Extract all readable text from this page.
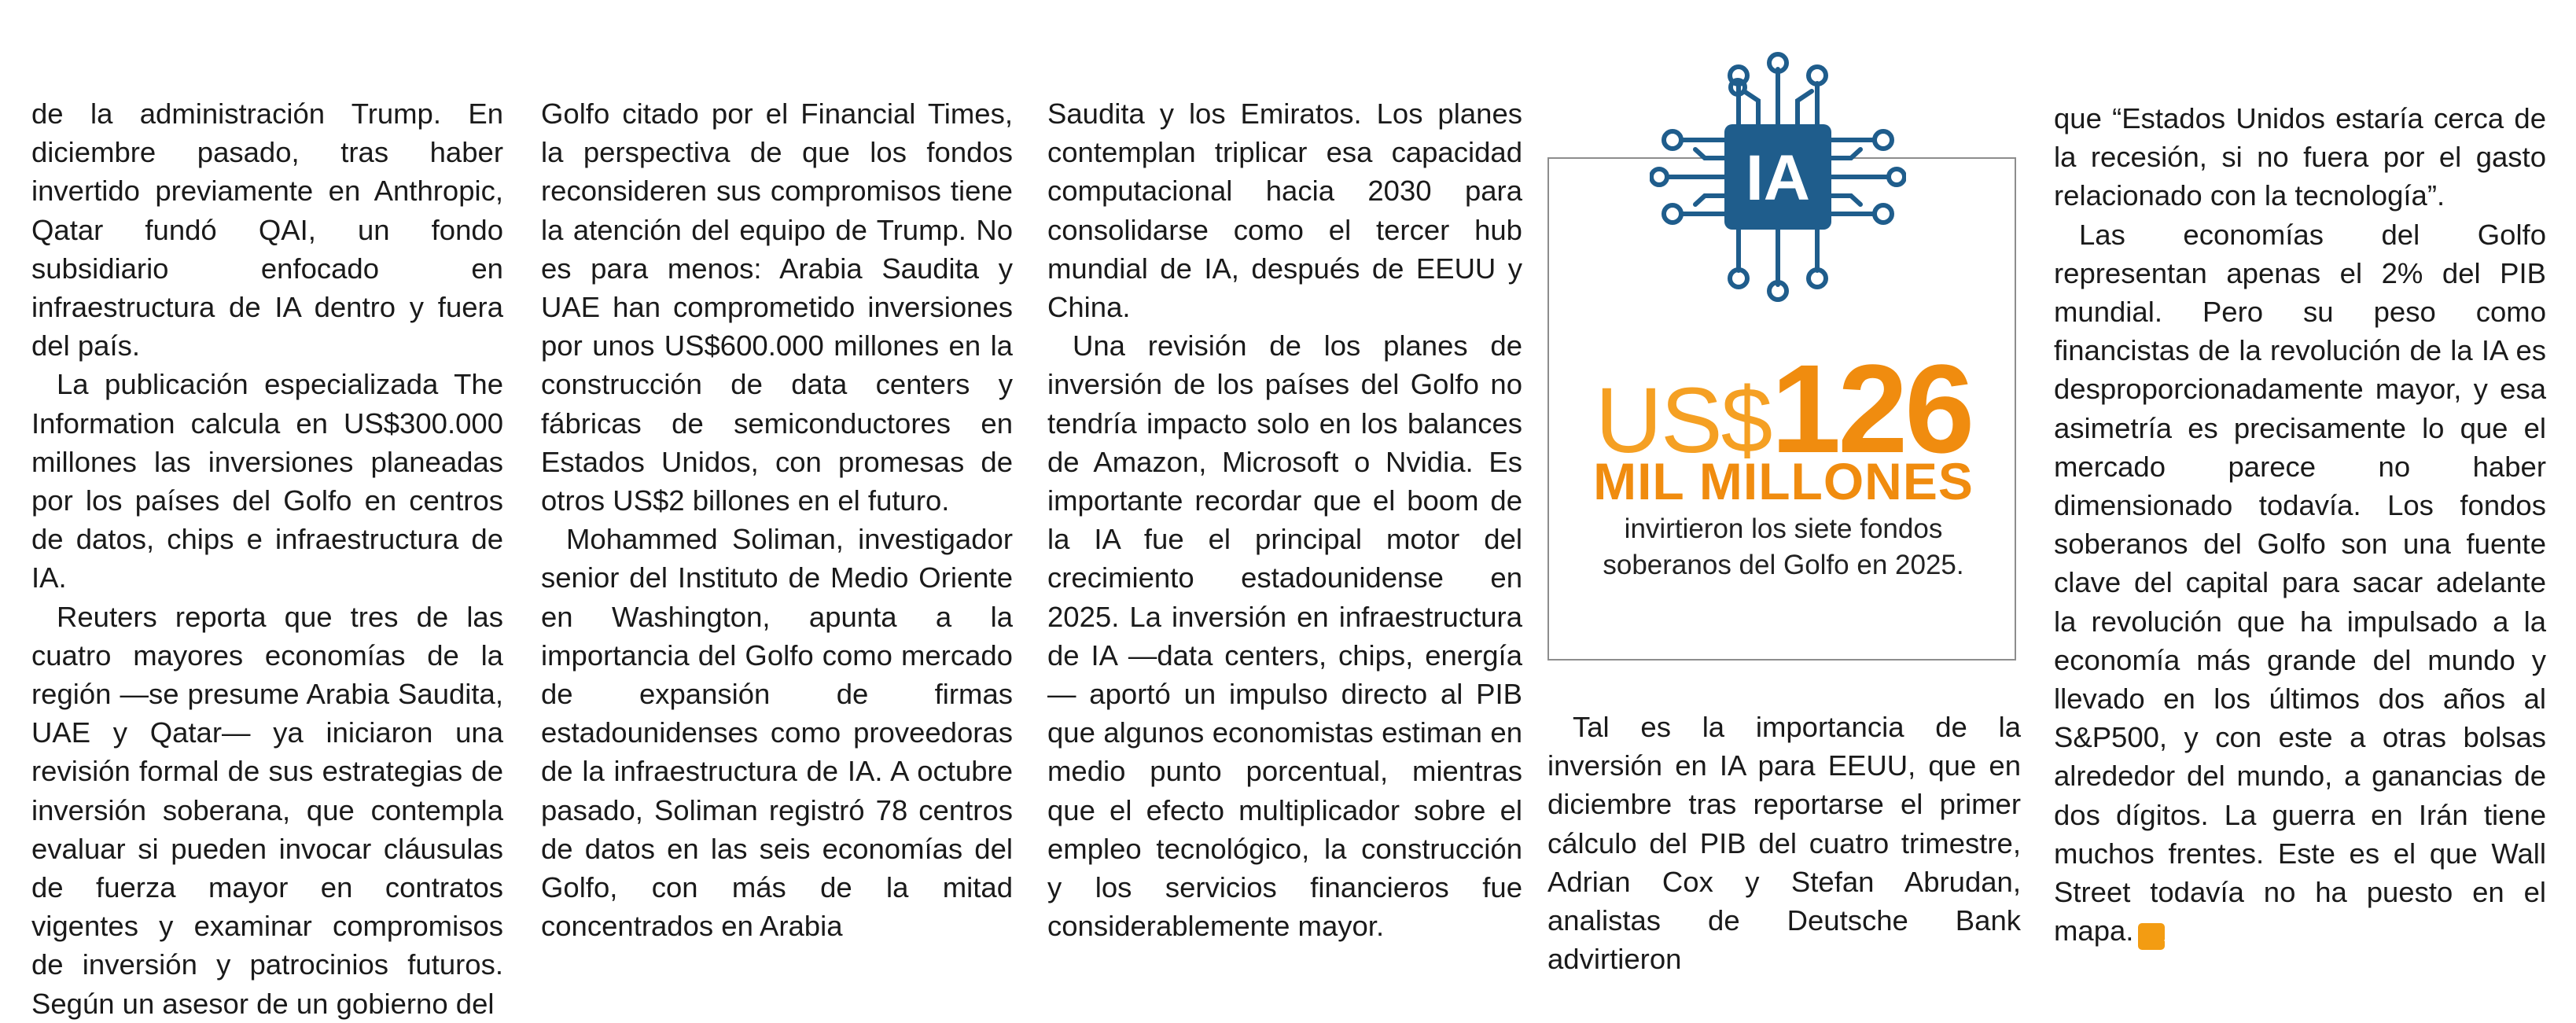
de la administración Trump. En diciembre pasado, tras haber invertido previamente en Anthropic, Qatar fundó QAI, un fondo subsidiario enfocado en infraestructura de IA dentro y fuera del país.

La publicación especializada The Information calcula en US$300.000 millones las inversiones planeadas por los países del Golfo en centros de datos, chips e infraestructura de IA.

Reuters reporta que tres de las cuatro mayores economías de la región —se presume Arabia Saudita, UAE y Qatar— ya iniciaron una revisión formal de sus estrategias de inversión soberana, que contempla evaluar si pueden invocar cláusulas de fuerza mayor en contratos vigentes y examinar compromisos de inversión y patrocinios futuros. Según un asesor de un gobierno del

Golfo citado por el Financial Times, la perspectiva de que los fondos reconsideren sus compromisos tiene la atención del equipo de Trump. No es para menos: Arabia Saudita y UAE han comprometido inversiones por unos US$600.000 millones en la construcción de data centers y fábricas de semiconductores en Estados Unidos, con promesas de otros US$2 billones en el futuro.

Mohammed Soliman, investigador senior del Instituto de Medio Oriente en Washington, apunta a la importancia del Golfo como mercado de expansión de firmas estadounidenses como proveedoras de la infraestructura de IA. A octubre pasado, Soliman registró 78 centros de datos en las seis economías del Golfo, con más de la mitad concentrados en Arabia

Saudita y los Emiratos. Los planes contemplan triplicar esa capacidad computacional hacia 2030 para consolidarse como el tercer hub mundial de IA, después de EEUU y China.

Una revisión de los planes de inversión de los países del Golfo no tendría impacto solo en los balances de Amazon, Microsoft o Nvidia. Es importante recordar que el boom de la IA fue el principal motor del crecimiento estadounidense en 2025. La inversión en infraestructura de IA —data centers, chips, energía— aportó un impulso directo al PIB que algunos economistas estiman en medio punto porcentual, mientras que el efecto multiplicador sobre el empleo tecnológico, la construcción y los servicios financieros fue considerablemente mayor.

IA
US$126
MIL MILLONES
invirtieron los siete fondos soberanos del Golfo en 2025.

Tal es la importancia de la inversión en IA para EEUU, que en diciembre tras reportarse el primer cálculo del PIB del cuatro trimestre, Adrian Cox y Stefan Abrudan, analistas de Deutsche Bank advirtieron

que “Estados Unidos estaría cerca de la recesión, si no fuera por el gasto relacionado con la tecnología”.

Las economías del Golfo representan apenas el 2% del PIB mundial. Pero su peso como financistas de la revolución de la IA es desproporcionadamente mayor, y esa asimetría es precisamente lo que el mercado parece no haber dimensionado todavía. Los fondos soberanos del Golfo son una fuente clave del capital para sacar adelante la revolución que ha impulsado a la economía más grande del mundo y llevado en los últimos dos años al S&P500, y con este a otras bolsas alrededor del mundo, a ganancias de dos dígitos. La guerra en Irán tiene muchos frentes. Este es el que Wall Street todavía no ha puesto en el mapa. S
